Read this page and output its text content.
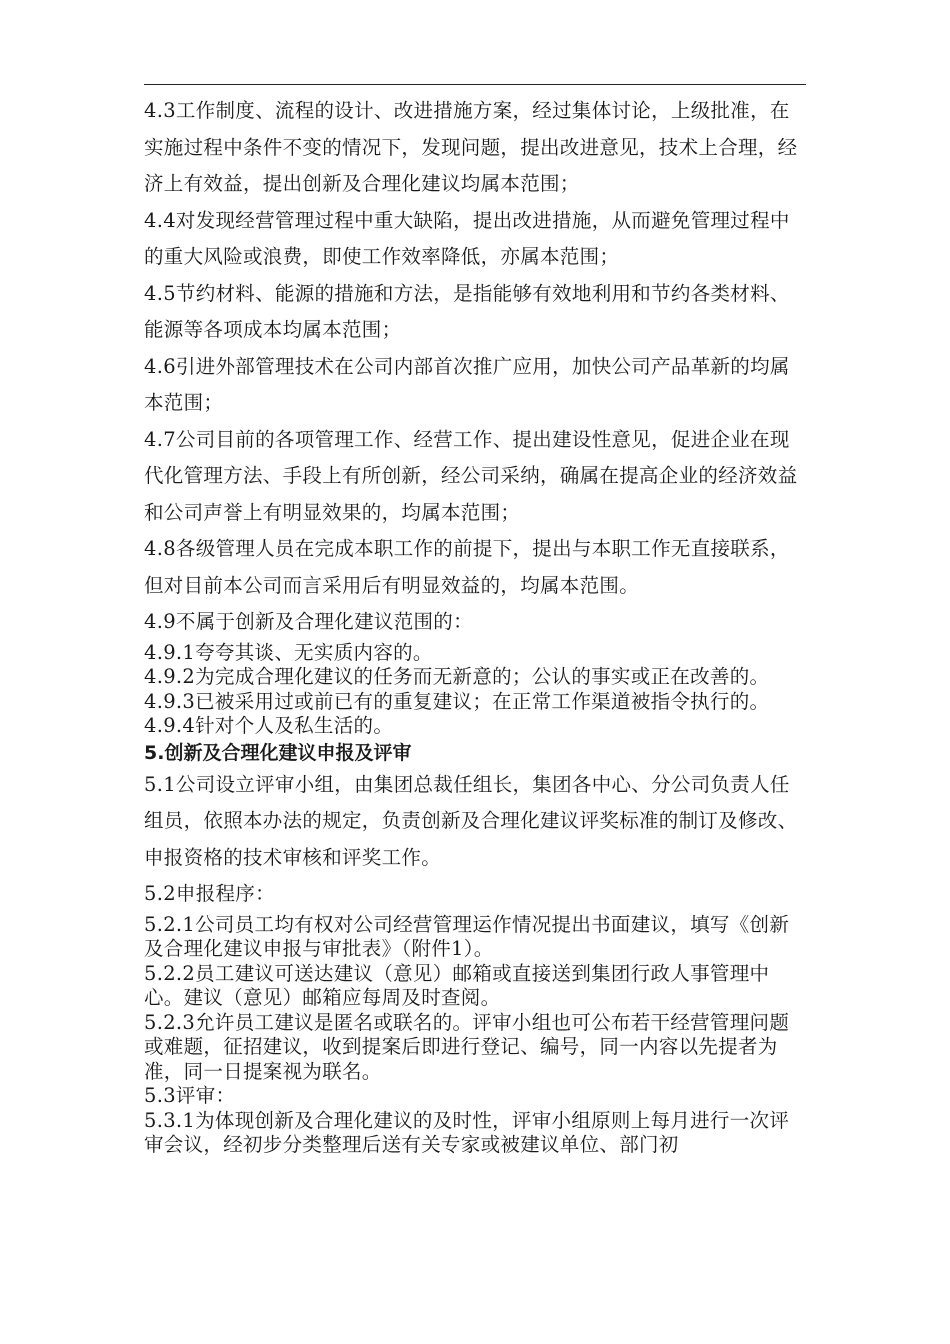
4.3工作制度、流程的设计、改进措施方案，经过集体讨论，上级批准，在实施过程中条件不变的情况下，发现问题，提出改进意见，技术上合理，经济上有效益，提出创新及合理化建议均属本范围；

4.4对发现经营管理过程中重大缺陷，提出改进措施，从而避免管理过程中的重大风险或浪费，即使工作效率降低，亦属本范围；

4.5节约材料、能源的措施和方法，是指能够有效地利用和节约各类材料、能源等各项成本均属本范围；

4.6引进外部管理技术在公司内部首次推广应用，加快公司产品革新的均属本范围；

4.7公司目前的各项管理工作、经营工作、提出建设性意见，促进企业在现代化管理方法、手段上有所创新，经公司采纳，确属在提高企业的经济效益和公司声誉上有明显效果的，均属本范围；

4.8各级管理人员在完成本职工作的前提下，提出与本职工作无直接联系，但对目前本公司而言采用后有明显效益的，均属本范围。

4.9不属于创新及合理化建议范围的：

4.9.1夸夸其谈、无实质内容的。

4.9.2为完成合理化建议的任务而无新意的；公认的事实或正在改善的。

4.9.3已被采用过或前已有的重复建议；在正常工作渠道被指令执行的。

4.9.4针对个人及私生活的。

5.创新及合理化建议申报及评审

5.1公司设立评审小组，由集团总裁任组长，集团各中心、分公司负责人任组员，依照本办法的规定，负责创新及合理化建议评奖标准的制订及修改、申报资格的技术审核和评奖工作。

5.2申报程序：

5.2.1公司员工均有权对公司经营管理运作情况提出书面建议，填写《创新及合理化建议申报与审批表》（附件1）。

5.2.2员工建议可送达建议（意见）邮箱或直接送到集团行政人事管理中心。建议（意见）邮箱应每周及时查阅。

5.2.3允许员工建议是匿名或联名的。评审小组也可公布若干经营管理问题或难题，征招建议，收到提案后即进行登记、编号，同一内容以先提者为准，同一日提案视为联名。

5.3评审：

5.3.1为体现创新及合理化建议的及时性，评审小组原则上每月进行一次评审会议，经初步分类整理后送有关专家或被建议单位、部门初
